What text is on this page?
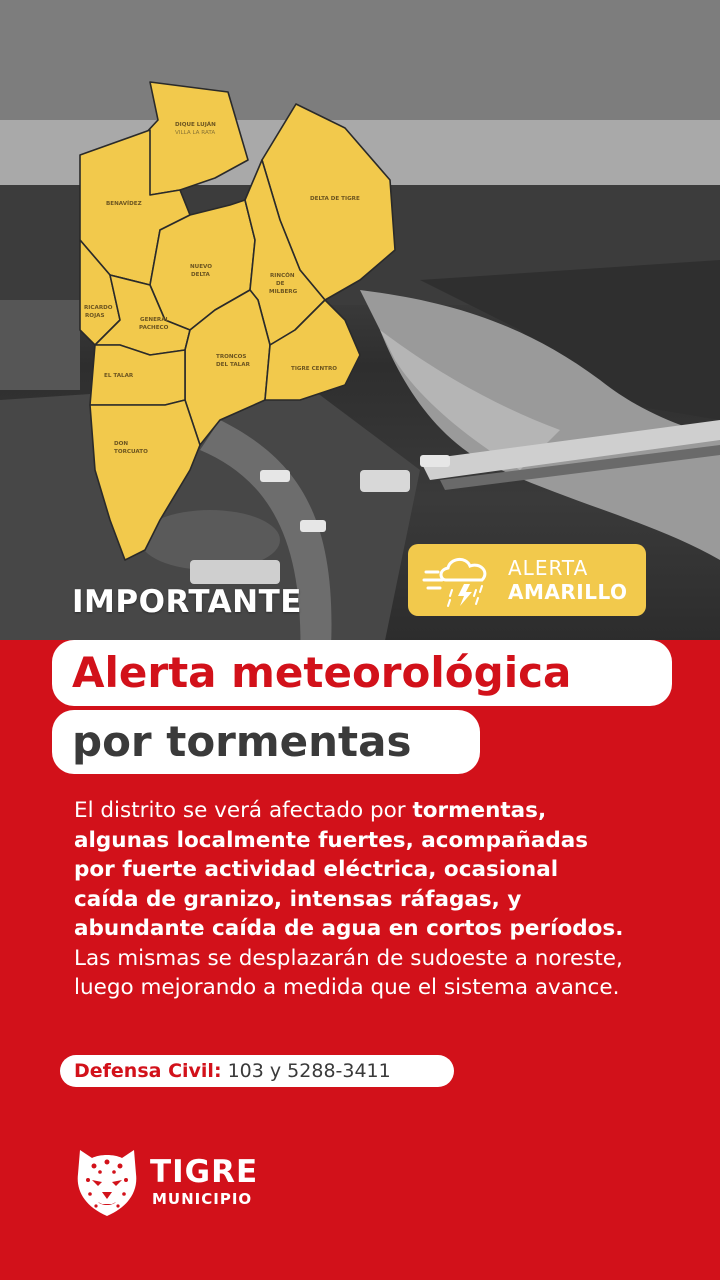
DIQUE LUJÁN
VILLA LA RATA
DELTA DE TIGRE
BENAVÍDEZ
NUEVO
DELTA	RINCÓN
DE
MILBERG
RICARDO
ROJAS
GENERAL
PACHECO
TRONCOS
DEL TALAR
TIGRE CENTRO
EL TALAR
DON
TORCUATO
ALERTA
AMARILLO
IMPORTANTE
Alerta meteorológica
por tormentas
El distrito se verá afectado por tormentas,
algunas localmente fuertes, acompañadas
por fuerte actividad eléctrica, ocasional
caída de granizo, intensas ráfagas, y
abundante caída de agua en cortos períodos.
Las mismas se desplazarán de sudoeste a noreste, luego mejorando a medida que el sistema avance.
Defensa Civil: 103 y 5288-3411
TIGRE
MUNICIPIO
